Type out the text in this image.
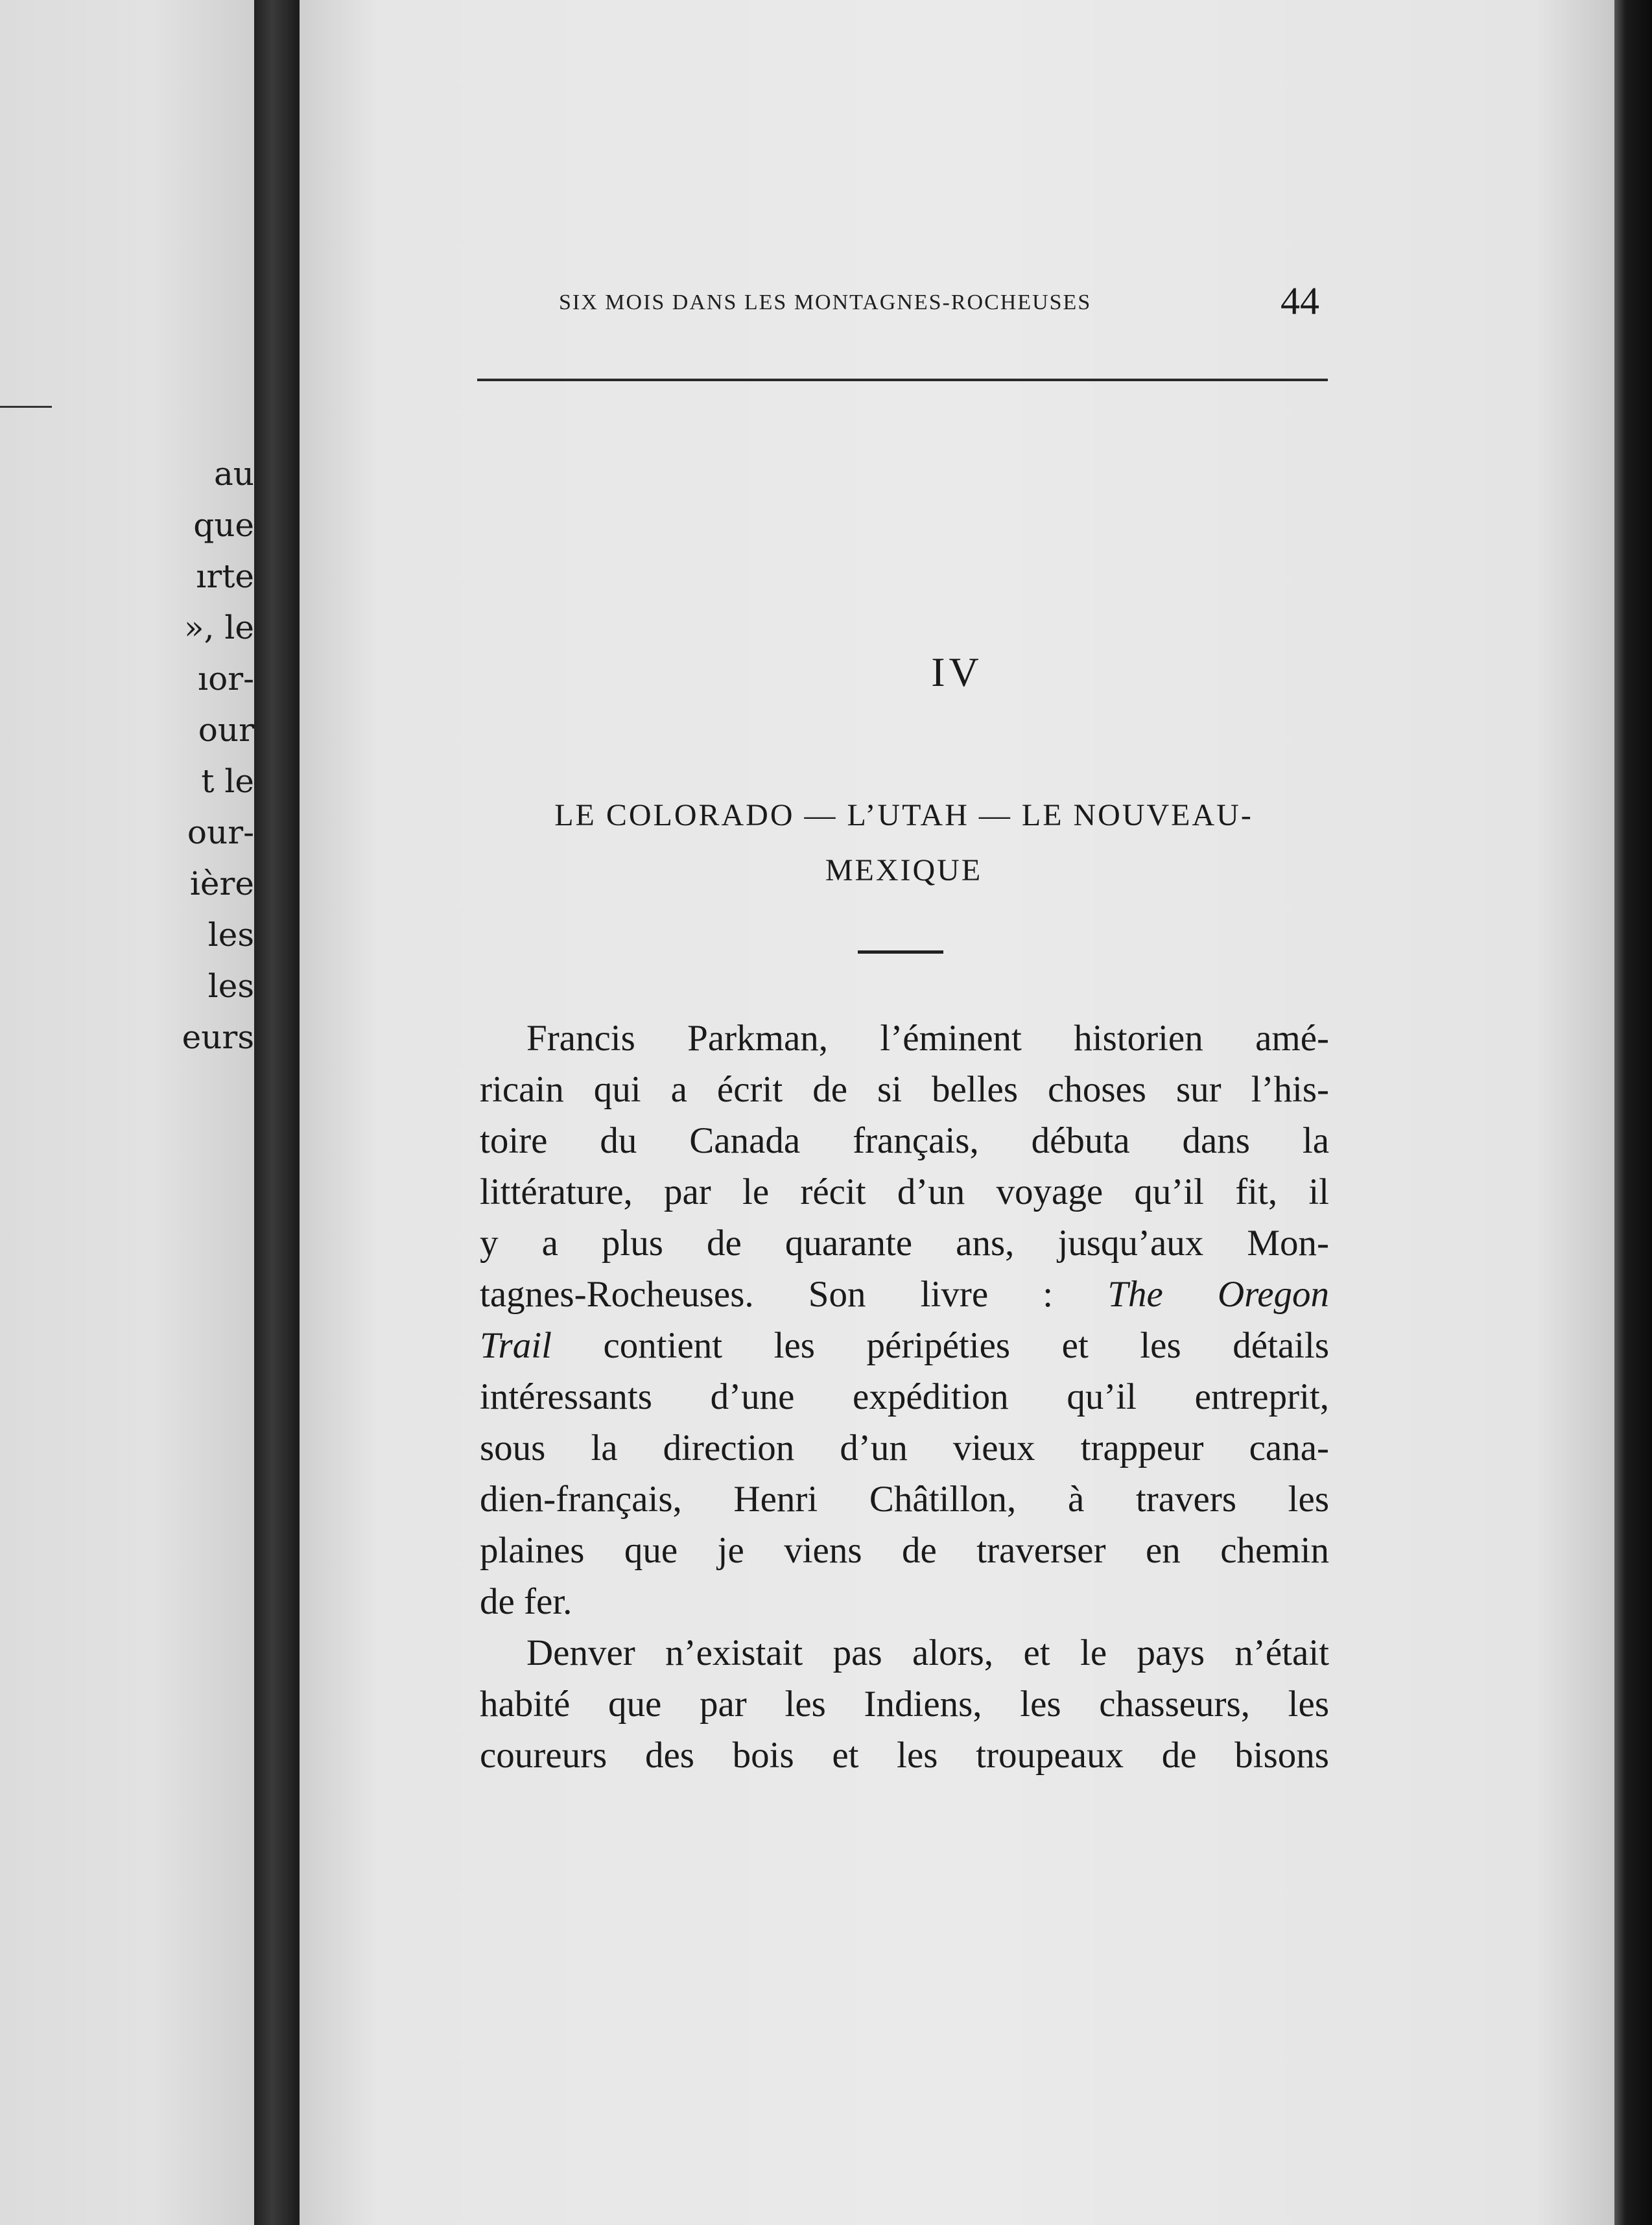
au
que
ırte
», le
ıor-
our
t le
our-
ière
les
les
eurs
SIX MOIS DANS LES MONTAGNES-ROCHEUSES	44
IV
LE COLORADO — L’UTAH — LE NOUVEAU-
MEXIQUE
Francis Parkman, l’éminent historien amé-
ricain qui a écrit de si belles choses sur l’his-
toire du Canada français, débuta dans la
littérature, par le récit d’un voyage qu’il fit, il
y a plus de quarante ans, jusqu’aux Mon-
tagnes-Rocheuses. Son livre : The Oregon
Trail contient les péripéties et les détails
intéressants d’une expédition qu’il entreprit,
sous la direction d’un vieux trappeur cana-
dien-français, Henri Châtillon, à travers les
plaines que je viens de traverser en chemin
de fer.
Denver n’existait pas alors, et le pays n’était
habité que par les Indiens, les chasseurs, les
coureurs des bois et les troupeaux de bisons
